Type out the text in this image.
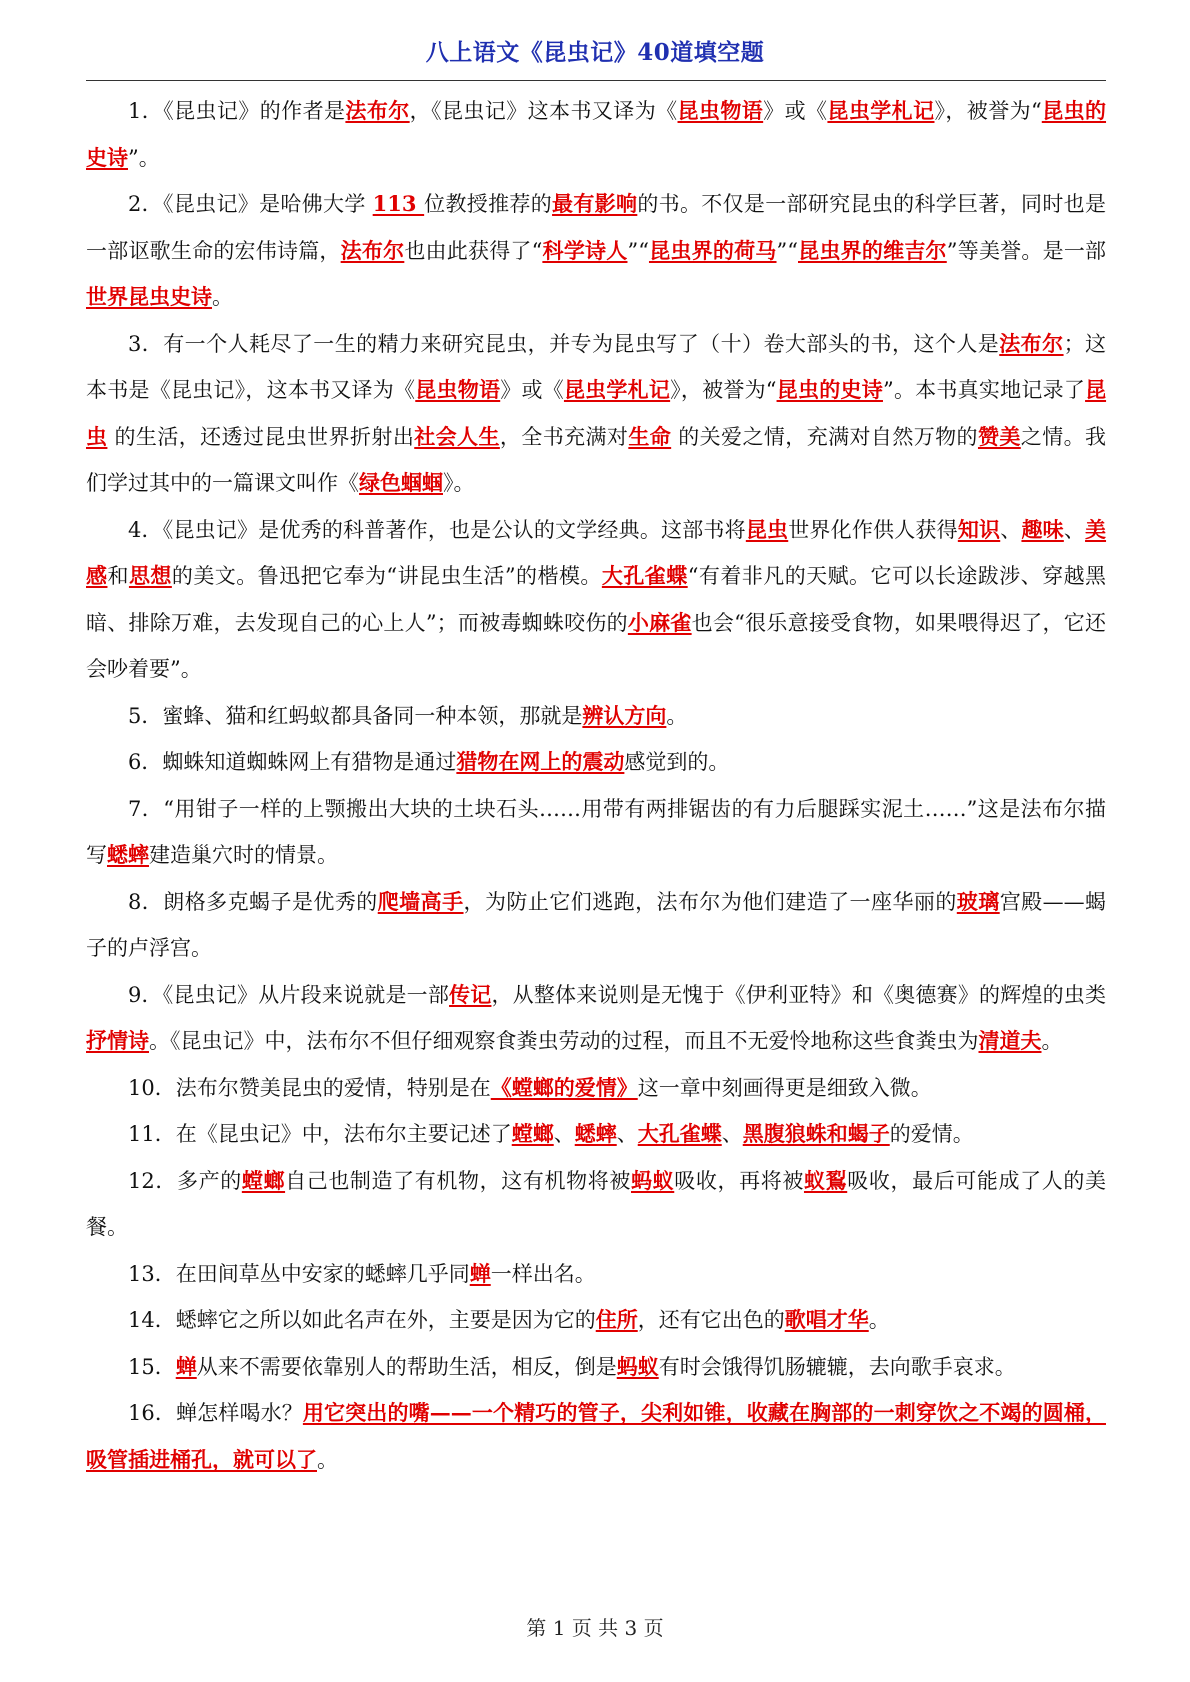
八上语文《昆虫记》40道填空题

1．《昆虫记》的作者是法布尔，《昆虫记》这本书又译为《昆虫物语》或《昆虫学札记》，被誉为“昆虫的史诗”。

2．《昆虫记》是哈佛大学 113 位教授推荐的最有影响的书。不仅是一部研究昆虫的科学巨著，同时也是一部讴歌生命的宏伟诗篇，法布尔也由此获得了“科学诗人”“昆虫界的荷马”“昆虫界的维吉尔”等美誉。是一部世界昆虫史诗。

3．有一个人耗尽了一生的精力来研究昆虫，并专为昆虫写了（十）卷大部头的书，这个人是法布尔；这本书是《昆虫记》，这本书又译为《昆虫物语》或《昆虫学札记》，被誉为“昆虫的史诗”。本书真实地记录了昆虫 的生活，还透过昆虫世界折射出社会人生，全书充满对生命 的关爱之情，充满对自然万物的赞美之情。我们学过其中的一篇课文叫作《绿色蝈蝈》。

4．《昆虫记》是优秀的科普著作，也是公认的文学经典。这部书将昆虫世界化作供人获得知识、趣味、美感和思想的美文。鲁迅把它奉为“讲昆虫生活”的楷模。大孔雀蝶“有着非凡的天赋。它可以长途跋涉、穿越黑暗、排除万难，去发现自己的心上人”；而被毒蜘蛛咬伤的小麻雀也会“很乐意接受食物，如果喂得迟了，它还会吵着要”。

5．蜜蜂、猫和红蚂蚁都具备同一种本领，那就是辨认方向。

6．蜘蛛知道蜘蛛网上有猎物是通过猎物在网上的震动感觉到的。

7．“用钳子一样的上颚搬出大块的土块石头……用带有两排锯齿的有力后腿踩实泥土……”这是法布尔描写蟋蟀建造巢穴时的情景。

8．朗格多克蝎子是优秀的爬墙高手，为防止它们逃跑，法布尔为他们建造了一座华丽的玻璃宫殿——蝎子的卢浮宫。

9．《昆虫记》从片段来说就是一部传记，从整体来说则是无愧于《伊利亚特》和《奥德赛》的辉煌的虫类抒情诗。《昆虫记》中，法布尔不但仔细观察食粪虫劳动的过程，而且不无爱怜地称这些食粪虫为清道夫。

10．法布尔赞美昆虫的爱情，特别是在《螳螂的爱情》这一章中刻画得更是细致入微。

11．在《昆虫记》中，法布尔主要记述了螳螂、蟋蟀、大孔雀蝶、黑腹狼蛛和蝎子的爱情。

12．多产的螳螂自己也制造了有机物，这有机物将被蚂蚁吸收，再将被蚁鴷吸收，最后可能成了人的美餐。

13．在田间草丛中安家的蟋蟀几乎同蝉一样出名。

14．蟋蟀它之所以如此名声在外，主要是因为它的住所，还有它出色的歌唱才华。

15．蝉从来不需要依靠别人的帮助生活，相反，倒是蚂蚁有时会饿得饥肠辘辘，去向歌手哀求。

16．蝉怎样喝水？用它突出的嘴——一个精巧的管子，尖利如锥，收藏在胸部的一刺穿饮之不竭的圆桶，吸管插进桶孔，就可以了。

第 1 页 共 3 页
